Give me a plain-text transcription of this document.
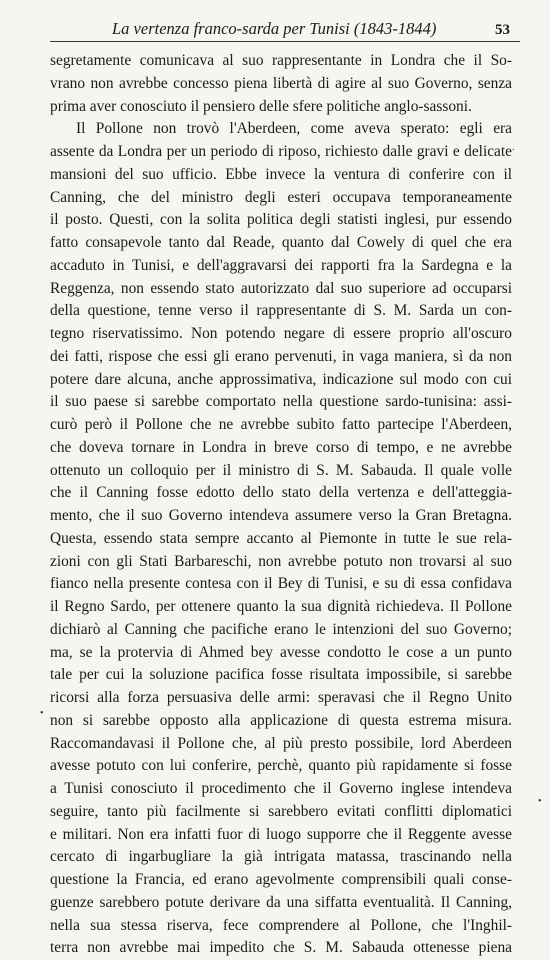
La vertenza franco-sarda per Tunisi (1843-1844)	53
segretamente comunicava al suo rappresentante in Londra che il So-
vrano non avrebbe concesso piena libertà di agire al suo Governo, senza
prima aver conosciuto il pensiero delle sfere politiche anglo-sassoni.
Il Pollone non trovò l'Aberdeen, come aveva sperato: egli era
assente da Londra per un periodo di riposo, richiesto dalle gravi e delicate
mansioni del suo ufficio. Ebbe invece la ventura di conferire con il
Canning, che del ministro degli esteri occupava temporaneamente
il posto. Questi, con la solita politica degli statisti inglesi, pur essendo
fatto consapevole tanto dal Reade, quanto dal Cowely di quel che era
accaduto in Tunisi, e dell'aggravarsi dei rapporti fra la Sardegna e la
Reggenza, non essendo stato autorizzato dal suo superiore ad occuparsi
della questione, tenne verso il rappresentante di S. M. Sarda un con-
tegno riservatissimo. Non potendo negare di essere proprio all'oscuro
dei fatti, rispose che essi gli erano pervenuti, in vaga maniera, sì da non
potere dare alcuna, anche approssimativa, indicazione sul modo con cui
il suo paese si sarebbe comportato nella questione sardo-tunisina: assi-
curò però il Pollone che ne avrebbe subito fatto partecipe l'Aberdeen,
che doveva tornare in Londra in breve corso di tempo, e ne avrebbe
ottenuto un colloquio per il ministro di S. M. Sabauda. Il quale volle
che il Canning fosse edotto dello stato della vertenza e dell'atteggia-
mento, che il suo Governo intendeva assumere verso la Gran Bretagna.
Questa, essendo stata sempre accanto al Piemonte in tutte le sue rela-
zioni con gli Stati Barbareschi, non avrebbe potuto non trovarsi al suo
fianco nella presente contesa con il Bey di Tunisi, e su di essa confidava
il Regno Sardo, per ottenere quanto la sua dignità richiedeva. Il Pollone
dichiarò al Canning che pacifiche erano le intenzioni del suo Governo;
ma, se la protervia di Ahmed bey avesse condotto le cose a un punto
tale per cui la soluzione pacifica fosse risultata impossibile, si sarebbe
ricorsi alla forza persuasiva delle armi: speravasi che il Regno Unito
non si sarebbe opposto alla applicazione di questa estrema misura.
Raccomandavasi il Pollone che, al più presto possibile, lord Aberdeen
avesse potuto con lui conferire, perchè, quanto più rapidamente si fosse
a Tunisi conosciuto il procedimento che il Governo inglese intendeva
seguire, tanto più facilmente si sarebbero evitati conflitti diplomatici
e militari. Non era infatti fuor di luogo supporre che il Reggente avesse
cercato di ingarbugliare la già intrigata matassa, trascinando nella
questione la Francia, ed erano agevolmente comprensibili quali conse-
guenze sarebbero potute derivare da una siffatta eventualità. Il Canning,
nella sua stessa riserva, fece comprendere al Pollone, che l'Inghil-
terra non avrebbe mai impedito che S. M. Sabauda ottenesse piena
.
•
•
